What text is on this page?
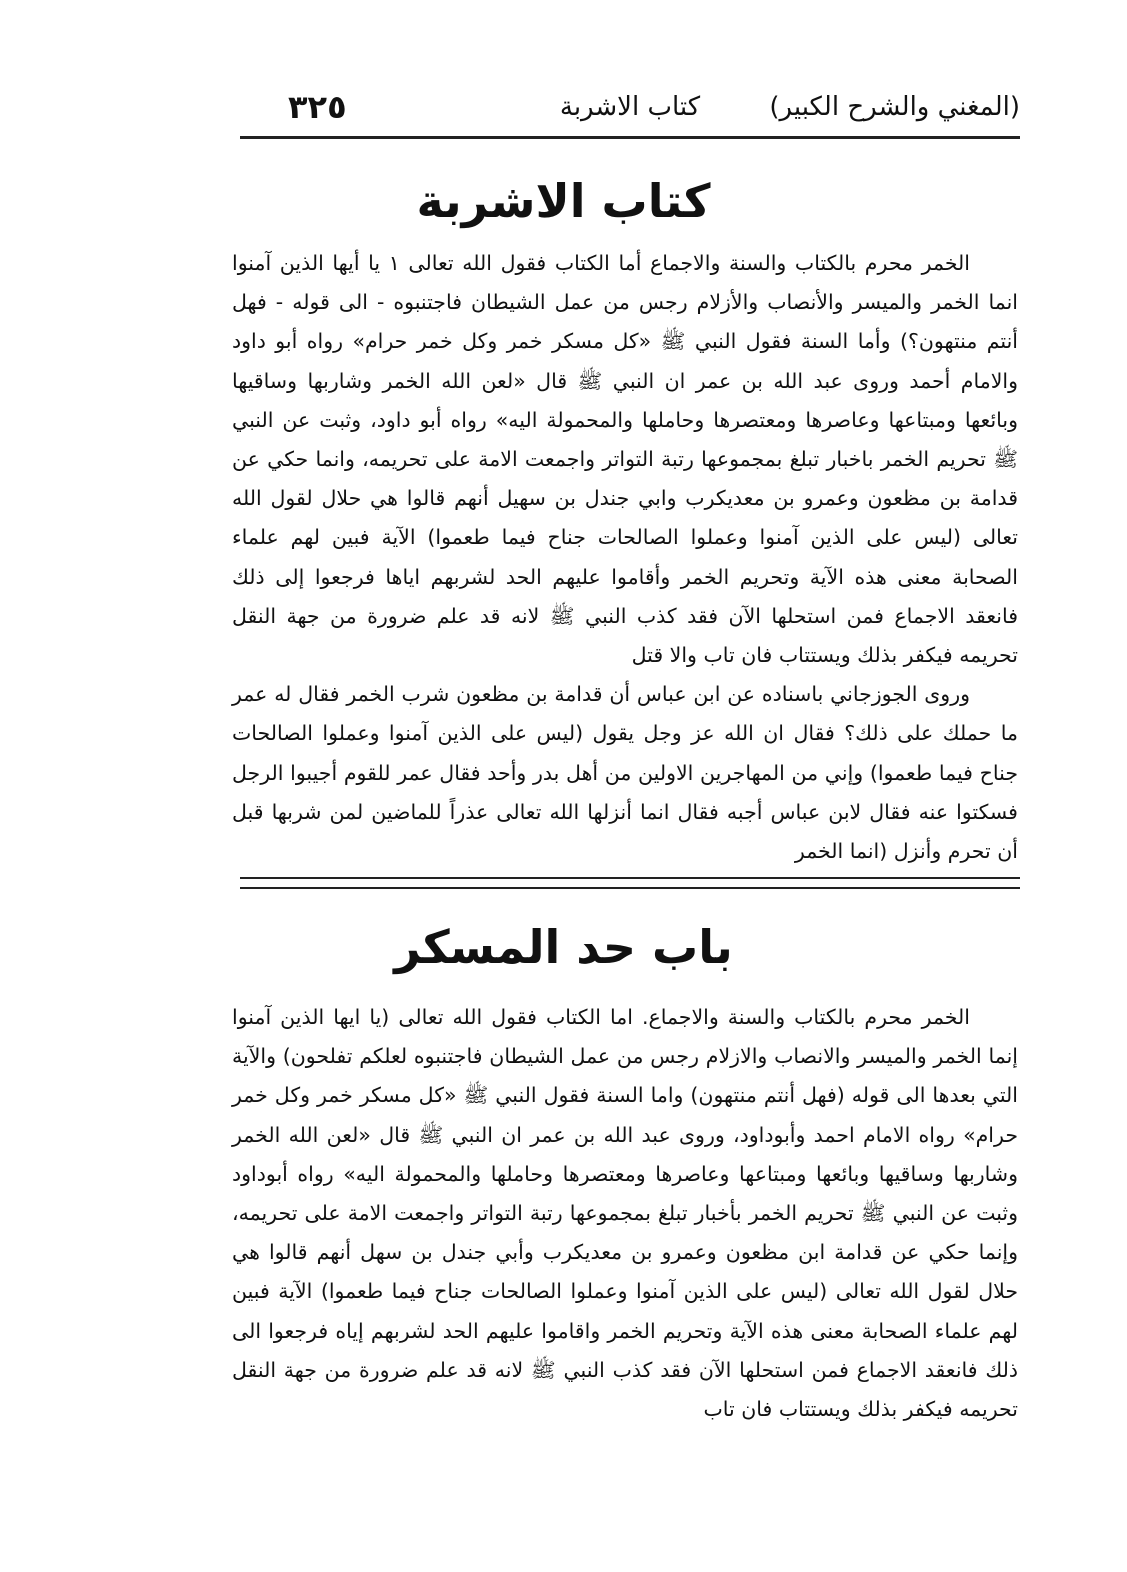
(المغني والشرح الكبير)
كتاب الاشربة
٣٢٥
كتاب الاشربة

الخمر محرم بالكتاب والسنة والاجماع أما الكتاب فقول الله تعالى ١ يا أيها الذين آمنوا انما الخمر والميسر والأنصاب والأزلام رجس من عمل الشيطان فاجتنبوه - الى قوله - فهل أنتم منتهون؟) وأما السنة فقول النبي ﷺ «كل مسكر خمر وكل خمر حرام» رواه أبو داود والامام أحمد وروى عبد الله بن عمر ان النبي ﷺ قال «لعن الله الخمر وشاربها وساقيها وبائعها ومبتاعها وعاصرها ومعتصرها وحاملها والمحمولة اليه» رواه أبو داود، وثبت عن النبي ﷺ تحريم الخمر باخبار تبلغ بمجموعها رتبة التواتر واجمعت الامة على تحريمه، وانما حكي عن قدامة بن مظعون وعمرو بن معديكرب وابي جندل بن سهيل أنهم قالوا هي حلال لقول الله تعالى (ليس على الذين آمنوا وعملوا الصالحات جناح فيما طعموا) الآية فبين لهم علماء الصحابة معنى هذه الآية وتحريم الخمر وأقاموا عليهم الحد لشربهم اياها فرجعوا إلى ذلك فانعقد الاجماع فمن استحلها الآن فقد كذب النبي ﷺ لانه قد علم ضرورة من جهة النقل تحريمه فيكفر بذلك ويستتاب فان تاب والا قتل

وروى الجوزجاني باسناده عن ابن عباس أن قدامة بن مظعون شرب الخمر فقال له عمر ما حملك على ذلك؟ فقال ان الله عز وجل يقول (ليس على الذين آمنوا وعملوا الصالحات جناح فيما طعموا) وإني من المهاجرين الاولين من أهل بدر وأحد فقال عمر للقوم أجيبوا الرجل فسكتوا عنه فقال لابن عباس أجبه فقال انما أنزلها الله تعالى عذراً للماضين لمن شربها قبل أن تحرم وأنزل (انما الخمر

باب حد المسكر

الخمر محرم بالكتاب والسنة والاجماع. اما الكتاب فقول الله تعالى (يا ايها الذين آمنوا إنما الخمر والميسر والانصاب والازلام رجس من عمل الشيطان فاجتنبوه لعلكم تفلحون) والآية التي بعدها الى قوله (فهل أنتم منتهون) واما السنة فقول النبي ﷺ «كل مسكر خمر وكل خمر حرام» رواه الامام احمد وأبوداود، وروى عبد الله بن عمر ان النبي ﷺ قال «لعن الله الخمر وشاربها وساقيها وبائعها ومبتاعها وعاصرها ومعتصرها وحاملها والمحمولة اليه» رواه أبوداود وثبت عن النبي ﷺ تحريم الخمر بأخبار تبلغ بمجموعها رتبة التواتر واجمعت الامة على تحريمه، وإنما حكي عن قدامة ابن مظعون وعمرو بن معديكرب وأبي جندل بن سهل أنهم قالوا هي حلال لقول الله تعالى (ليس على الذين آمنوا وعملوا الصالحات جناح فيما طعموا) الآية فبين لهم علماء الصحابة معنى هذه الآية وتحريم الخمر واقاموا عليهم الحد لشربهم إياه فرجعوا الى ذلك فانعقد الاجماع فمن استحلها الآن فقد كذب النبي ﷺ لانه قد علم ضرورة من جهة النقل تحريمه فيكفر بذلك ويستتاب فان تاب
